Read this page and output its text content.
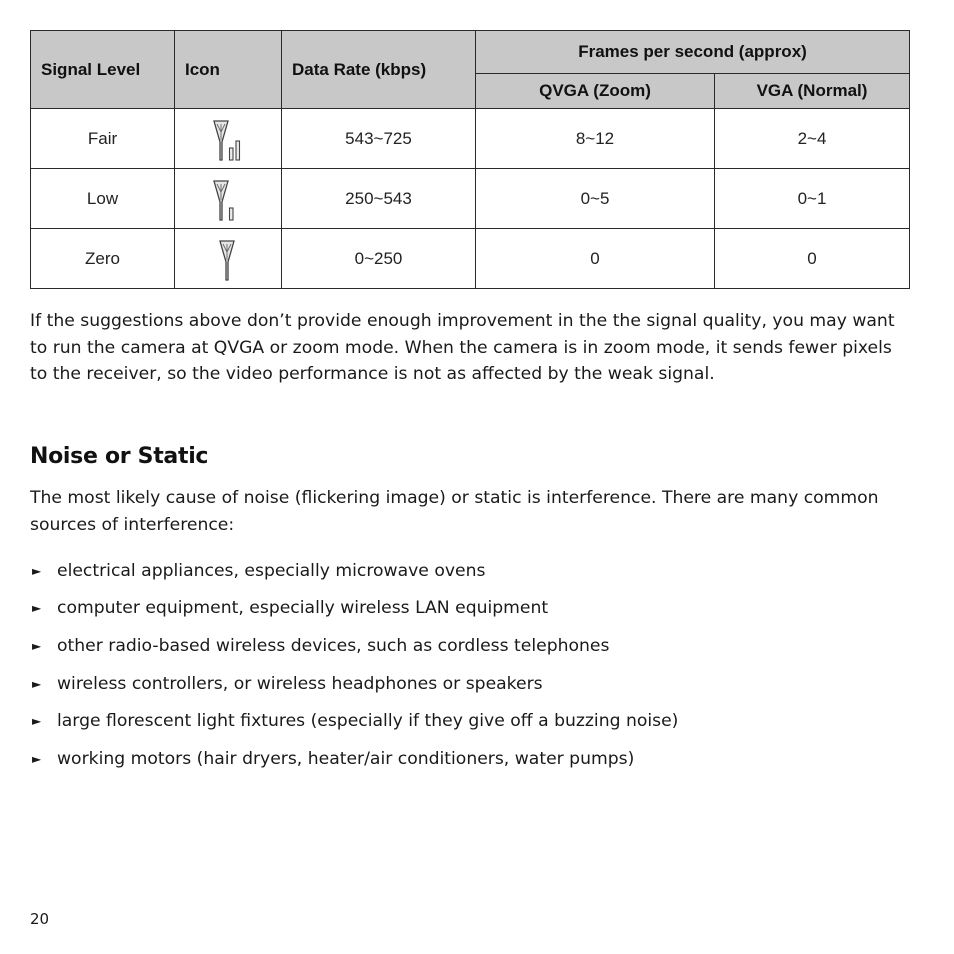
Signal Level	Icon	Data Rate (kbps)	Frames per second (approx)	
			QVGA (Zoom)	VGA (Normal)
Fair		543~725	8~12	2~4
Low		250~543	0~5	0~1
Zero		0~250	0	0

If the suggestions above don’t provide enough improvement in the the signal quality, you may want to run the camera at QVGA or zoom mode. When the camera is in zoom mode, it sends fewer pixels to the receiver, so the video performance is not as affected by the weak signal.

Noise or Static

The most likely cause of noise (flickering image) or static is interference. There are many common sources of interference:

► electrical appliances, especially microwave ovens
► computer equipment, especially wireless LAN equipment
► other radio-based wireless devices, such as cordless telephones
► wireless controllers, or wireless headphones or speakers
► large florescent light fixtures (especially if they give off a buzzing noise)
► working motors (hair dryers, heater/air conditioners, water pumps)
20
